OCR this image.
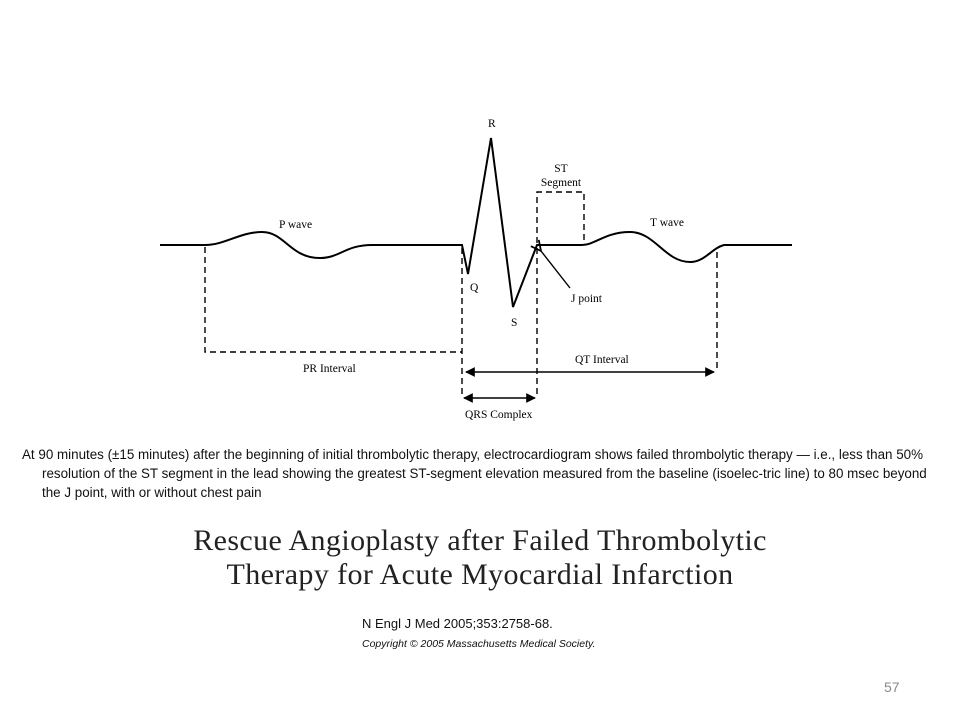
R
Q
S
P wave	T wave
ST
Segment
J point
PR Interval
QT Interval
QRS Complex

At 90 minutes (±15 minutes) after the beginning of initial thrombolytic therapy, electrocardiogram shows failed thrombolytic therapy — i.e., less than 50% resolution of the ST segment in the lead showing the greatest ST-segment elevation measured from the baseline (isoelec-tric line) to 80 msec beyond the J point, with or without chest pain

Rescue Angioplasty after Failed Thrombolytic
Therapy for Acute Myocardial Infarction
N Engl J Med 2005;353:2758-68.
Copyright © 2005 Massachusetts Medical Society.
57
